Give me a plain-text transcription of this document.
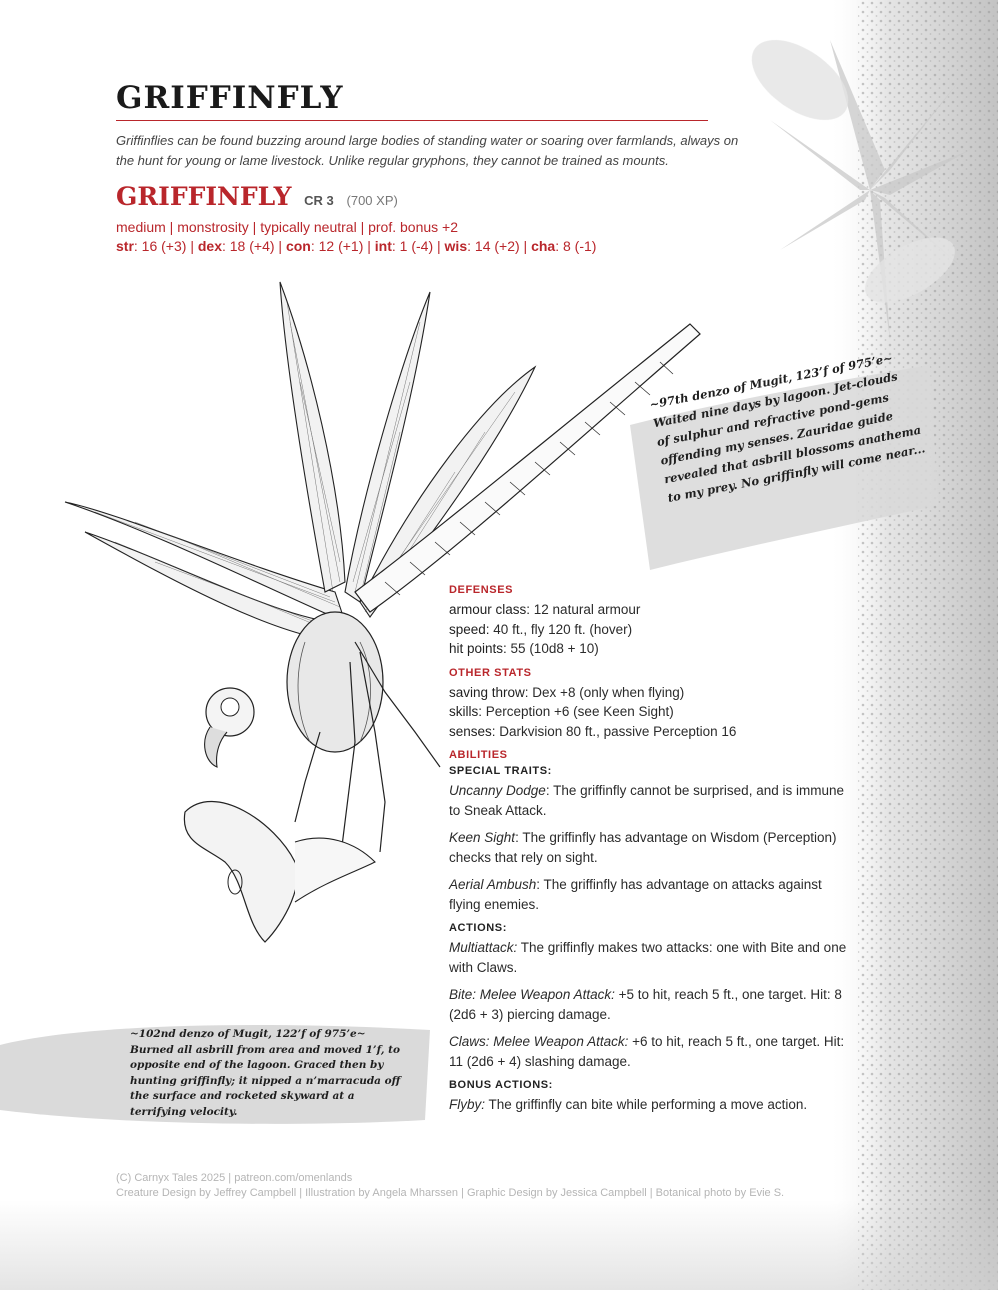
GRIFFINFLY

Griffinflies can be found buzzing around large bodies of standing water or soaring over farmlands, always on the hunt for young or lame livestock. Unlike regular gryphons, they cannot be trained as mounts.

GRIFFINFLY CR 3 (700 XP)
medium | monstrosity | typically neutral | prof. bonus +2
str: 16 (+3) | dex: 18 (+4) | con: 12 (+1) | int: 1 (-4) | wis: 14 (+2) | cha: 8 (-1)

~97th denzo of Mugit, 123’f of 975’e~ Waited nine days by lagoon. Jet-clouds of sulphur and refractive pond-gems offending my senses. Zauridae guide revealed that asbrill blossoms anathema to my prey. No griffinfly will come near...

~102nd denzo of Mugit, 122’f of 975’e~ Burned all asbrill from area and moved 1’f, to opposite end of the lagoon. Graced then by hunting griffinfly; it nipped a n’marracuda off the surface and rocketed skyward at a terrifying velocity.

DEFENSES

armour class: 12 natural armour

speed: 40 ft., fly 120 ft. (hover)

hit points: 55 (10d8 + 10)

OTHER STATS

saving throw: Dex +8 (only when flying)

skills: Perception +6 (see Keen Sight)

senses: Darkvision 80 ft., passive Perception 16

ABILITIES

SPECIAL TRAITS:

Uncanny Dodge: The griffinfly cannot be surprised, and is immune to Sneak Attack.

Keen Sight: The griffinfly has advantage on Wisdom (Perception) checks that rely on sight.

Aerial Ambush: The griffinfly has advantage on attacks against flying enemies.

ACTIONS:

Multiattack: The griffinfly makes two attacks: one with Bite and one with Claws.

Bite: Melee Weapon Attack: +5 to hit, reach 5 ft., one target. Hit: 8 (2d6 + 3) piercing damage.

Claws: Melee Weapon Attack: +6 to hit, reach 5 ft., one target. Hit: 11 (2d6 + 4) slashing damage.

BONUS ACTIONS:

Flyby: The griffinfly can bite while performing a move action.

(C) Carnyx Tales 2025 | patreon.com/omenlands
Creature Design by Jeffrey Campbell | Illustration by Angela Mharssen | Graphic Design by Jessica Campbell | Botanical photo by Evie S.
